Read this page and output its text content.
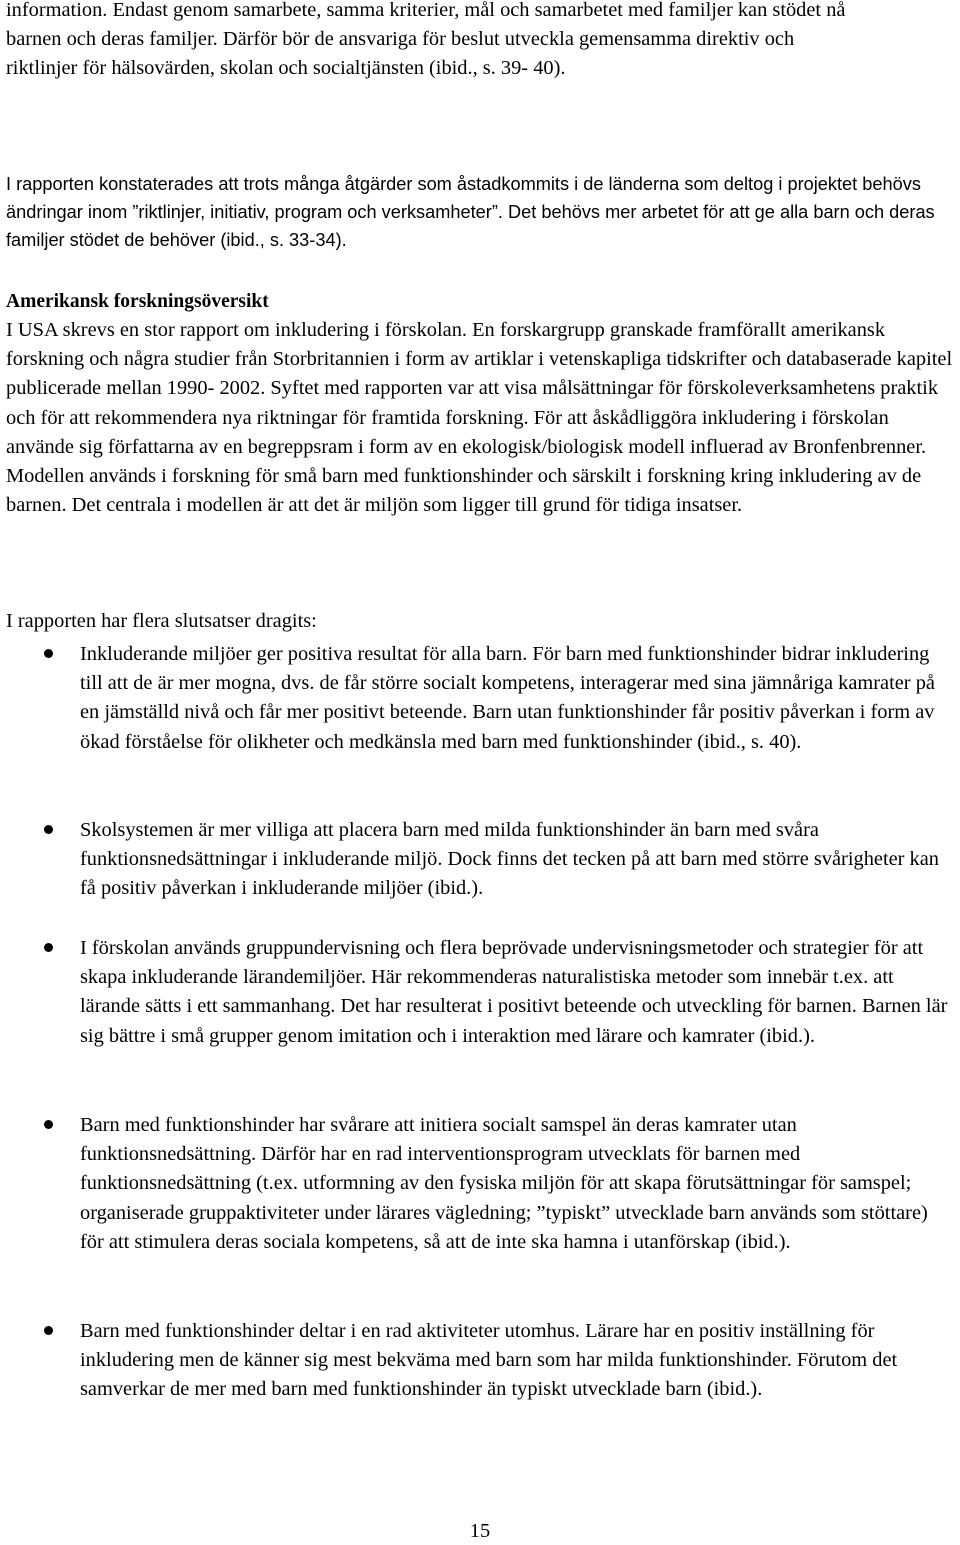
information. Endast genom samarbete, samma kriterier, mål och samarbetet med familjer kan stödet nå barnen och deras familjer. Därför bör de ansvariga för beslut utveckla gemensamma direktiv och riktlinjer för hälsovärden, skolan och socialtjänsten (ibid., s. 39- 40).

I rapporten konstaterades att trots många åtgärder som åstadkommits i de länderna som deltog i projektet behövs ändringar inom ”riktlinjer, initiativ, program och verksamheter”. Det behövs mer arbetet för att ge alla barn och deras familjer stödet de behöver (ibid., s. 33-34).

Amerikansk forskningsöversikt

I USA skrevs en stor rapport om inkludering i förskolan. En forskargrupp granskade framförallt amerikansk forskning och några studier från Storbritannien i form av artiklar i vetenskapliga tidskrifter och databaserade kapitel publicerade mellan 1990- 2002. Syftet med rapporten var att visa målsättningar för förskoleverksamhetens praktik och för att rekommendera nya riktningar för framtida forskning. För att åskådliggöra inkludering i förskolan använde sig författarna av en begreppsram i form av en ekologisk/biologisk modell influerad av Bronfenbrenner. Modellen används i forskning för små barn med funktionshinder och särskilt i forskning kring inkludering av de barnen. Det centrala i modellen är att det är miljön som ligger till grund för tidiga insatser.

I rapporten har flera slutsatser dragits:

Inkluderande miljöer ger positiva resultat för alla barn. För barn med funktionshinder bidrar inkludering till att de är mer mogna, dvs. de får större socialt kompetens, interagerar med sina jämnåriga kamrater på en jämställd nivå och får mer positivt beteende. Barn utan funktionshinder får positiv påverkan i form av ökad förståelse för olikheter och medkänsla med barn med funktionshinder (ibid., s. 40).
Skolsystemen är mer villiga att placera barn med milda funktionshinder än barn med svåra funktionsnedsättningar i inkluderande miljö. Dock finns det tecken på att barn med större svårigheter kan få positiv påverkan i inkluderande miljöer (ibid.).
I förskolan används gruppundervisning och flera beprövade undervisningsmetoder och strategier för att skapa inkluderande lärandemiljöer. Här rekommenderas naturalistiska metoder som innebär t.ex. att lärande sätts i ett sammanhang. Det har resulterat i positivt beteende och utveckling för barnen. Barnen lär sig bättre i små grupper genom imitation och i interaktion med lärare och kamrater (ibid.).
Barn med funktionshinder har svårare att initiera socialt samspel än deras kamrater utan funktionsnedsättning. Därför har en rad interventionsprogram utvecklats för barnen med funktionsnedsättning (t.ex. utformning av den fysiska miljön för att skapa förutsättningar för samspel; organiserade gruppaktiviteter under lärares vägledning; ”typiskt” utvecklade barn används som stöttare) för att stimulera deras sociala kompetens, så att de inte ska hamna i utanförskap (ibid.).
Barn med funktionshinder deltar i en rad aktiviteter utomhus. Lärare har en positiv inställning för inkludering men de känner sig mest bekväma med barn som har milda funktionshinder. Förutom det samverkar de mer med barn med funktionshinder än typiskt utvecklade barn (ibid.).
15
